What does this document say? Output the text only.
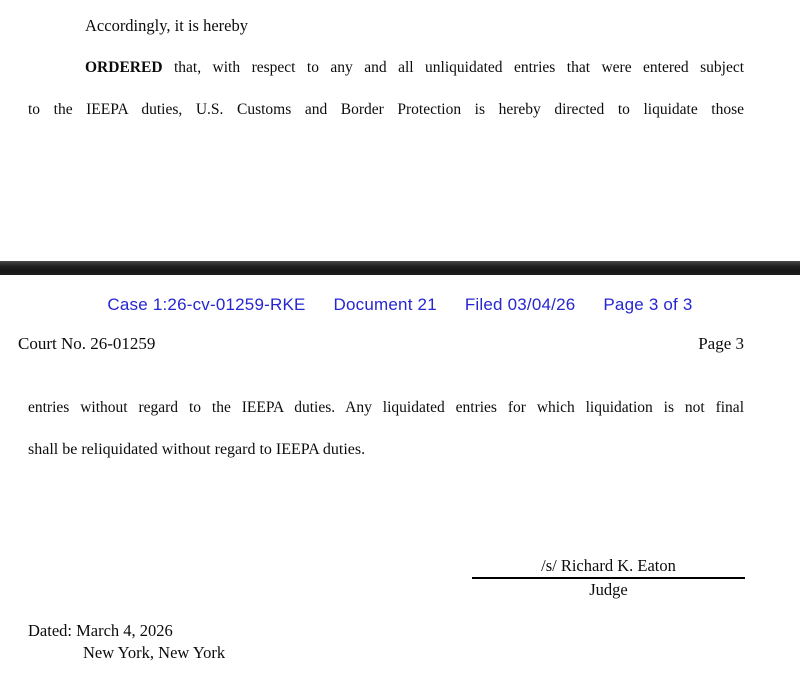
Accordingly, it is hereby
ORDERED that, with respect to any and all unliquidated entries that were entered subject
to the IEEPA duties, U.S. Customs and Border Protection is hereby directed to liquidate those
Case 1:26-cv-01259-RKE Document 21 Filed 03/04/26 Page 3 of 3
Court No. 26-01259	Page 3
entries without regard to the IEEPA duties. Any liquidated entries for which liquidation is not final
shall be reliquidated without regard to IEEPA duties.
/s/ Richard K. Eaton
Judge
Dated: March 4, 2026
New York, New York
